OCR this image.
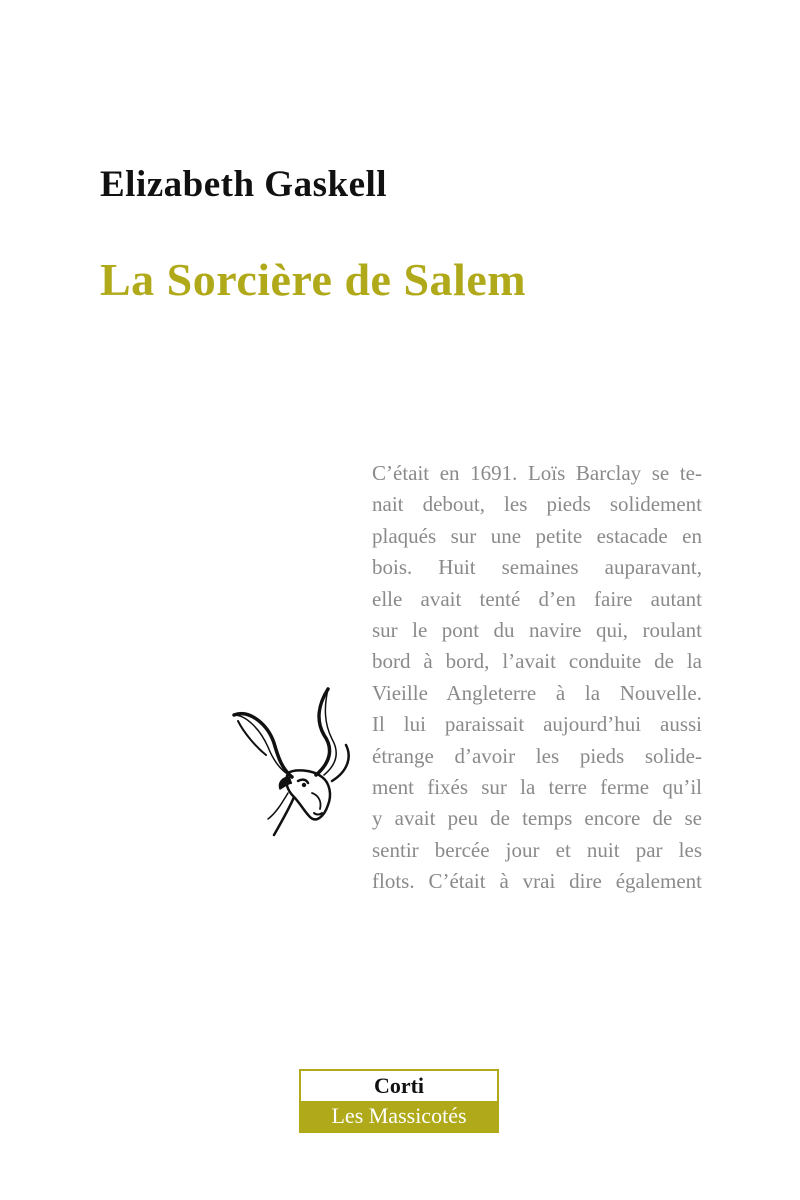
Elizabeth Gaskell
La Sorcière de Salem
C’était en 1691. Loïs Barclay se te-
nait debout, les pieds solidement
plaqués sur une petite estacade en
bois. Huit semaines auparavant,
elle avait tenté d’en faire autant
sur le pont du navire qui, roulant
bord à bord, l’avait conduite de la
Vieille Angleterre à la Nouvelle.
Il lui paraissait aujourd’hui aussi
étrange d’avoir les pieds solide-
ment fixés sur la terre ferme qu’il
y avait peu de temps encore de se
sentir bercée jour et nuit par les
flots. C’était à vrai dire également
Corti
Les Massicotés
